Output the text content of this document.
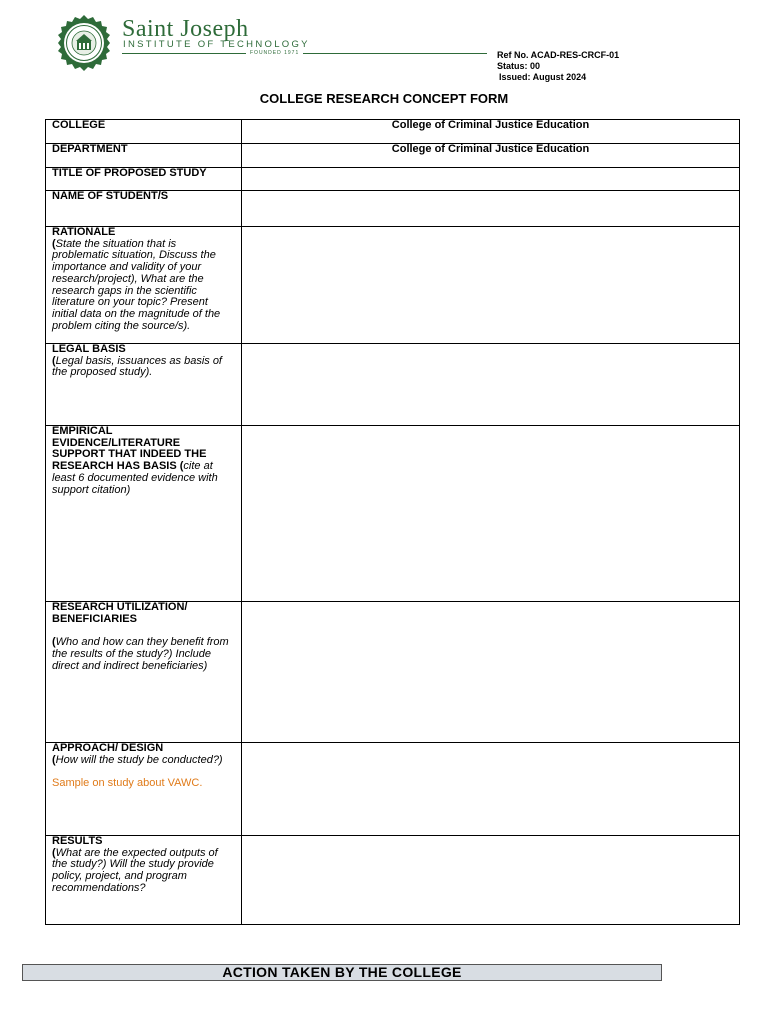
Saint Joseph
INSTITUTE OF TECHNOLOGY
FOUNDED 1971	Ref No. ACAD-RES-CRCF-01
Status: 00
Issued: August 2024
COLLEGE RESEARCH CONCEPT FORM
COLLEGE	College of Criminal Justice Education

DEPARTMENT	College of Criminal Justice Education

TITLE OF PROPOSED STUDY	

NAME OF STUDENT/S	

RATIONALE
(State the situation that is problematic situation, Discuss the importance and validity of your research/project), What are the research gaps in the scientific literature on your topic? Present initial data on the magnitude of the problem citing the source/s).	

LEGAL BASIS
(Legal basis, issuances as basis of the proposed study).	
EMPIRICAL EVIDENCE/LITERATURE SUPPORT THAT INDEED THE RESEARCH HAS BASIS (cite at least 6 documented evidence with support citation)	

RESEARCH UTILIZATION/ BENEFICIARIES
(Who and how can they benefit from the results of the study?) Include direct and indirect beneficiaries)	

APPROACH/ DESIGN
(How will the study be conducted?)
Sample on study about VAWC.	

RESULTS
(What are the expected outputs of the study?) Will the study provide policy, project, and program recommendations?	
ACTION TAKEN BY THE COLLEGE
